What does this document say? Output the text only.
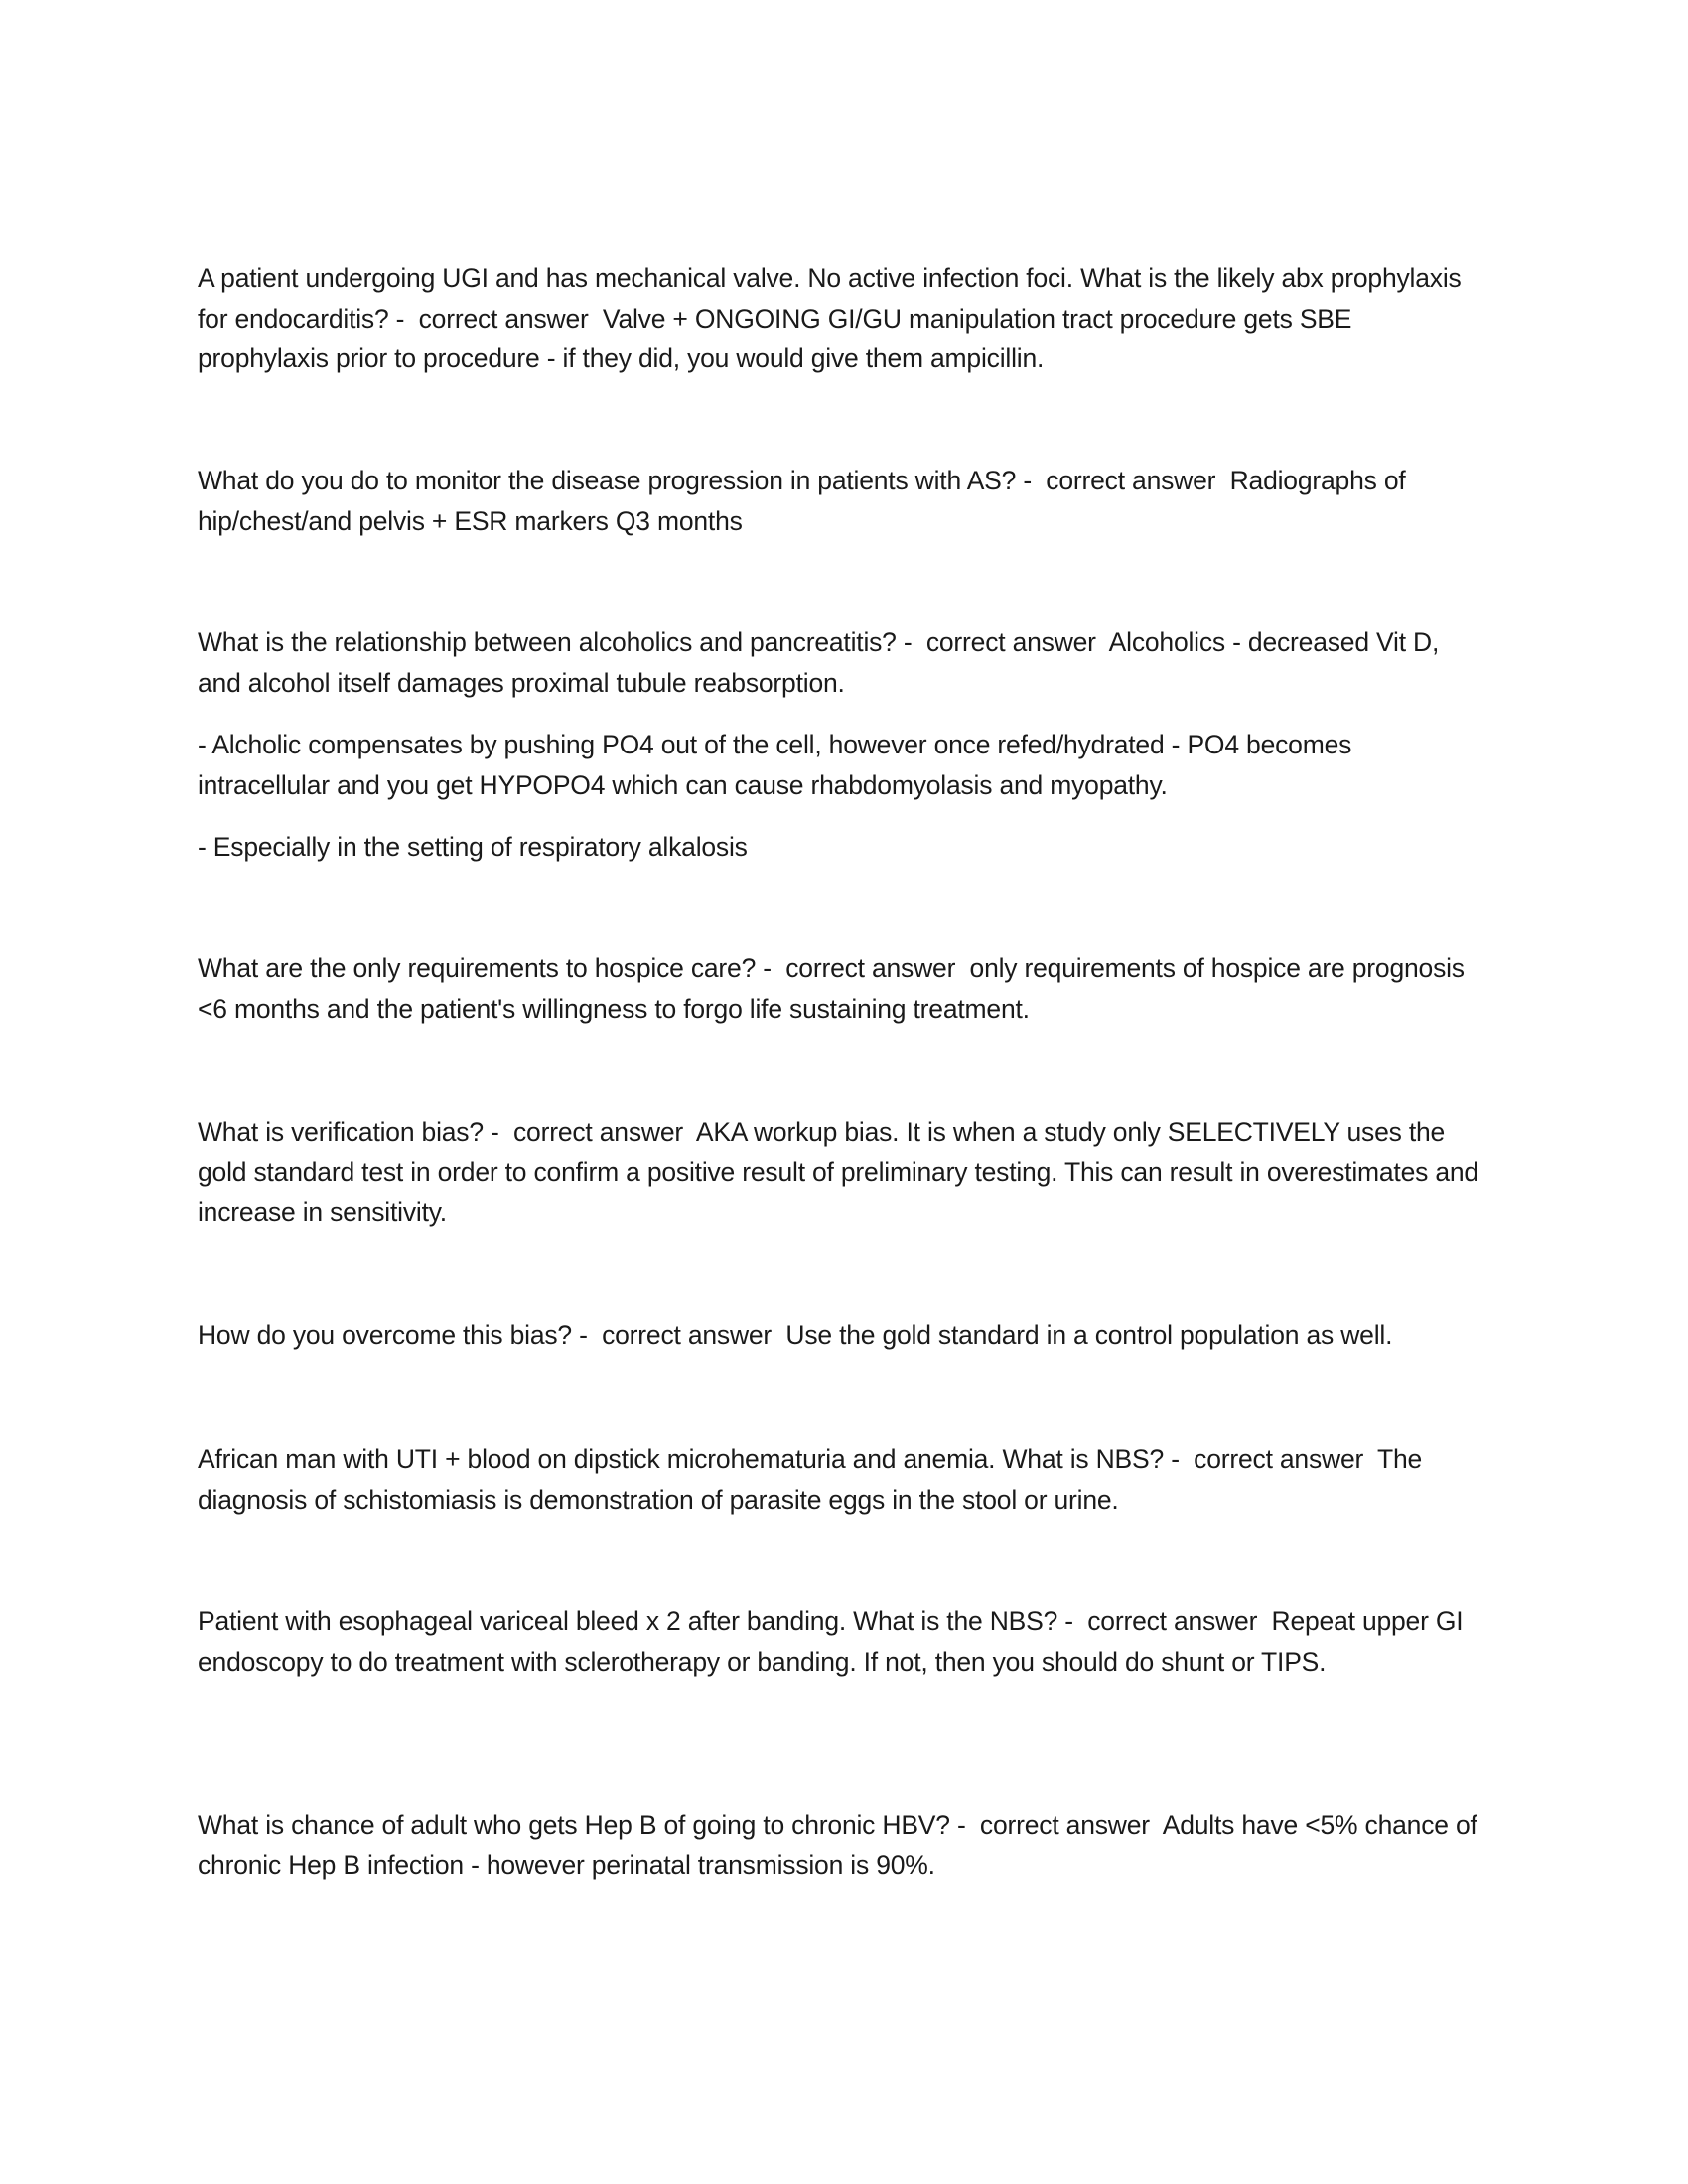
A patient undergoing UGI and has mechanical valve. No active infection foci. What is the likely abx prophylaxis for endocarditis? -  correct answer  Valve + ONGOING GI/GU manipulation tract procedure gets SBE prophylaxis prior to procedure - if they did, you would give them ampicillin.

What do you do to monitor the disease progression in patients with AS? -  correct answer  Radiographs of hip/chest/and pelvis + ESR markers Q3 months

What is the relationship between alcoholics and pancreatitis? -  correct answer  Alcoholics - decreased Vit D, and alcohol itself damages proximal tubule reabsorption.

- Alcholic compensates by pushing PO4 out of the cell, however once refed/hydrated - PO4 becomes intracellular and you get HYPOPO4 which can cause rhabdomyolasis and myopathy.

- Especially in the setting of respiratory alkalosis

What are the only requirements to hospice care? -  correct answer  only requirements of hospice are prognosis <6 months and the patient's willingness to forgo life sustaining treatment.

What is verification bias? -  correct answer  AKA workup bias. It is when a study only SELECTIVELY uses the gold standard test in order to confirm a positive result of preliminary testing. This can result in overestimates and increase in sensitivity.

How do you overcome this bias? -  correct answer  Use the gold standard in a control population as well.

African man with UTI + blood on dipstick microhematuria and anemia. What is NBS? -  correct answer  The diagnosis of schistomiasis is demonstration of parasite eggs in the stool or urine.

Patient with esophageal variceal bleed x 2 after banding. What is the NBS? -  correct answer  Repeat upper GI endoscopy to do treatment with sclerotherapy or banding. If not, then you should do shunt or TIPS.

What is chance of adult who gets Hep B of going to chronic HBV? -  correct answer  Adults have <5% chance of chronic Hep B infection - however perinatal transmission is 90%.
